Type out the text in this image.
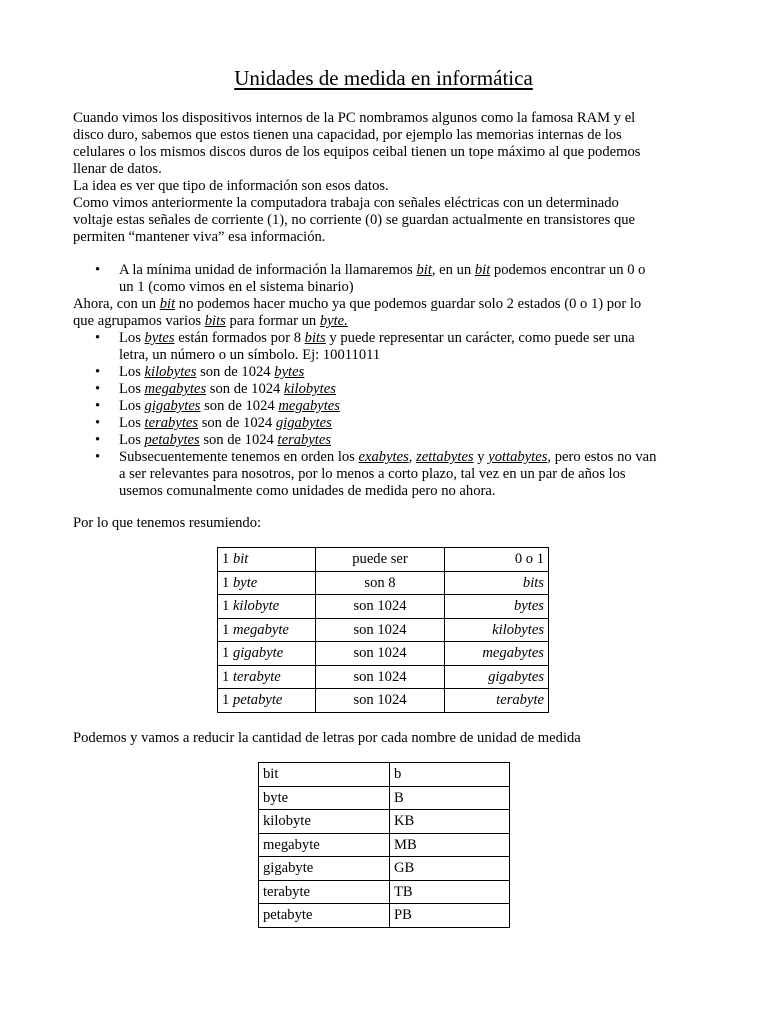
Unidades de medida en informática
Cuando vimos los dispositivos internos de la PC nombramos algunos como la famosa RAM y el
disco duro, sabemos que estos tienen una capacidad, por ejemplo las memorias internas de los
celulares o los mismos discos duros de los equipos ceibal tienen un tope máximo al que podemos
llenar de datos.
La idea es ver que tipo de información son esos datos.
Como vimos anteriormente la computadora trabaja con señales eléctricas con un determinado
voltaje estas señales de corriente (1), no corriente (0) se guardan actualmente en transistores que
permiten “mantener viva” esa información.
• A la mínima unidad de información la llamaremos bit, en un bit podemos encontrar un 0 o
un 1 (como vimos en el sistema binario)
Ahora, con un bit no podemos hacer mucho ya que podemos guardar solo 2 estados (0 o 1) por lo
que agrupamos varios bits para formar un byte.
• Los bytes están formados por 8 bits y puede representar un carácter, como puede ser una
letra, un número o un símbolo. Ej: 10011011
• Los kilobytes son de 1024 bytes
• Los megabytes son de 1024 kilobytes
• Los gigabytes son de 1024 megabytes
• Los terabytes son de 1024 gigabytes
• Los petabytes son de 1024 terabytes
• Subsecuentemente tenemos en orden los exabytes, zettabytes y yottabytes, pero estos no van
a ser relevantes para nosotros, por lo menos a corto plazo, tal vez en un par de años los
usemos comunalmente como unidades de medida pero no ahora.
Por lo que tenemos resumiendo:
1 bit	puede ser	0 o 1
1 byte	son 8	bits
1 kilobyte	son 1024	bytes
1 megabyte	son 1024	kilobytes
1 gigabyte	son 1024	megabytes
1 terabyte	son 1024	gigabytes
1 petabyte	son 1024	terabyte
Podemos y vamos a reducir la cantidad de letras por cada nombre de unidad de medida
bit	b
byte	B
kilobyte	KB
megabyte	MB
gigabyte	GB
terabyte	TB
petabyte	PB
